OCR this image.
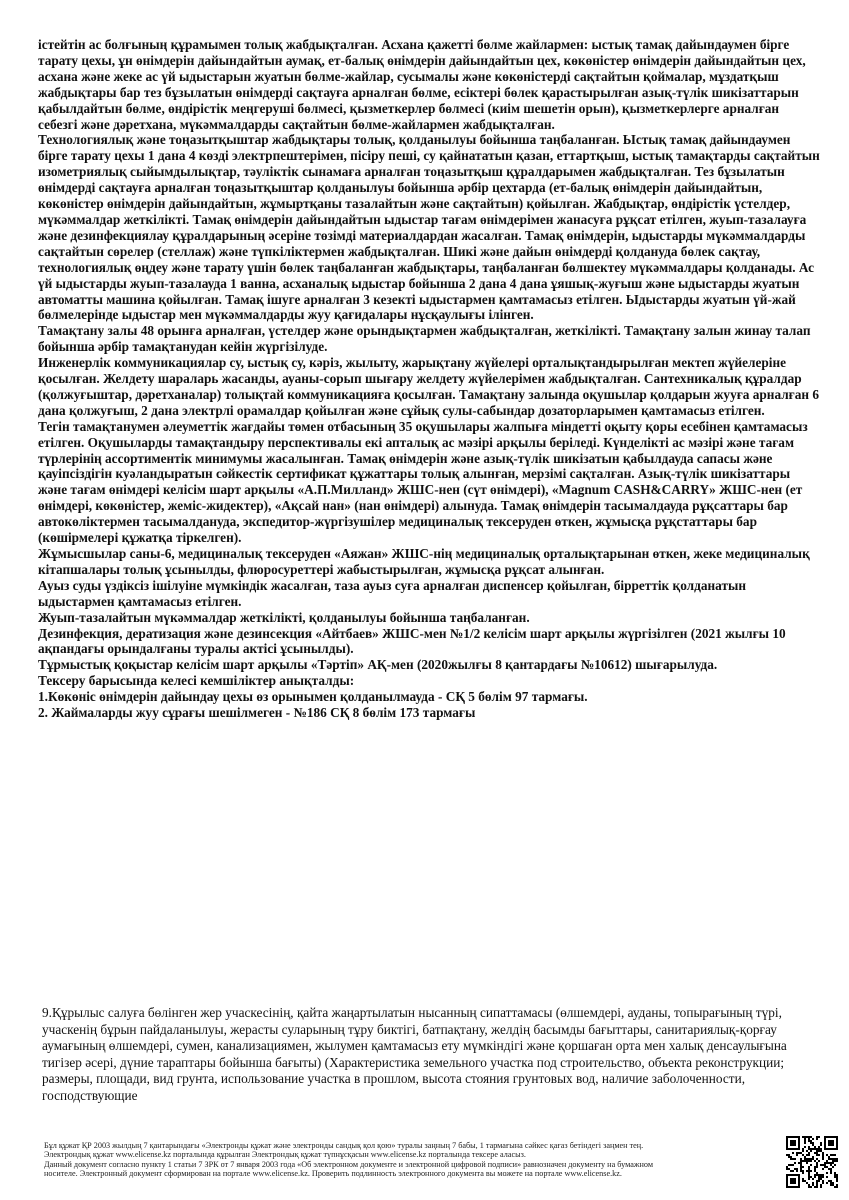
істейтін ас болғының құрамымен толық жабдықталған. Асхана қажетті бөлме жайлармен: ыстық тамақ дайындаумен бірге тарату цехы, ұн өнімдерін дайындайтын аумақ, ет-балық өнімдерін дайындайтын цех, көкөністер өнімдерін дайындайтын цех, асхана және жеке ас үй ыдыстарын жуатын бөлме-жайлар, сусымалы және көкөністерді сақтайтын қоймалар, мұздатқыш жабдықтары бар тез бұзылатын өнімдерді сақтауға арналған бөлме, есіктері бөлек қарастырылған азық-түлік шикізаттарын қабылдайтын бөлме, өндірістік меңгеруші бөлмесі, қызметкерлер бөлмесі (киім шешетін орын), қызметкерлерге арналған себезгі және дәретхана, мүкәммалдарды сақтайтын бөлме-жайлармен жабдықталған.

Технологиялық және тоңазытқыштар жабдықтары толық, қолданылуы бойынша таңбаланған. Ыстық тамақ дайындаумен бірге тарату цехы 1 дана 4 көзді электрпештерімен, пісіру пеші, су қайнататын қазан, еттартқыш, ыстық тамақтарды сақтайтын изометриялық сыйымдылықтар, тәуліктік сынамаға арналған тоңазытқыш құралдарымен жабдықталған. Тез бұзылатын өнімдерді сақтауға арналған тоңазытқыштар қолданылуы бойынша әрбір цехтарда (ет-балық өнімдерін дайындайтын, көкөністер өнімдерін дайындайтын, жұмыртқаны тазалайтын және сақтайтын) қойылған. Жабдықтар, өндірістік үстелдер, мүкәммалдар жеткілікті. Тамақ өнімдерін дайындайтын ыдыстар тағам өнімдерімен жанасуға рұқсат етілген, жуып-тазалауға және дезинфекциялау құралдарының әсеріне төзімді материалдардан жасалған. Тамақ өнімдерін, ыдыстарды мүкәммалдарды сақтайтын сөрелер (стеллаж) және түпкіліктермен жабдықталған. Шикі және дайын өнімдерді қолдануда бөлек сақтау, технологиялық өңдеу және тарату үшін бөлек таңбаланған жабдықтары, таңбаланған бөлшектеу мүкәммалдары қолданады. Ас үй ыдыстарды жуып-тазалауда 1 ванна, асханалық ыдыстар бойынша 2 дана 4 дана ұяшық-жуғыш және ыдыстарды жуатын автоматты машина қойылған. Тамақ ішуге арналған 3 кезекті ыдыстармен қамтамасыз етілген. Ыдыстарды жуатын үй-жай бөлмелерінде ыдыстар мен мүкәммалдарды жуу қағидалары нұсқаулығы ілінген.

Тамақтану залы 48 орынға арналған, үстелдер және орындықтармен жабдықталған, жеткілікті. Тамақтану залын жинау талап бойынша әрбір тамақтанудан кейін жүргізілуде.

Инженерлік коммуникациялар су, ыстық су, кәріз, жылыту, жарықтану жүйелері орталықтандырылған мектеп жүйелеріне қосылған. Желдету шараларь жасанды, ауаны-сорып шығару желдету жүйелерімен жабдықталған. Сантехникалық құралдар (қолжуғыштар, дәретханалар) толықтай коммуникацияға қосылған. Тамақтану залында оқушылар қолдарын жууға арналған 6 дана қолжуғыш, 2 дана электрлі орамалдар қойылған және сұйық сулы-сабындар дозаторларымен қамтамасыз етілген.

Тегін тамақтанумен әлеуметтік жағдайы төмен отбасының 35 оқушылары жалпыға міндетті оқыту қоры есебінен қамтамасыз етілген. Оқушыларды тамақтандыру перспективалы екі апталық ас мәзірі арқылы беріледі. Күнделікті ас мәзірі және тағам түрлерінің ассортиментік минимумы жасалынған. Тамақ өнімдерін және азық-түлік шикізатын қабылдауда сапасы және қауіпсіздігін куәландыратын сәйкестік сертификат құжаттары толық алынған, мерзімі сақталған. Азық-түлік шикізаттары және тағам өнімдері келісім шарт арқылы «А.П.Милланд» ЖШС-нен (сүт өнімдері), «Magnum CASH&CARRY» ЖШС-нен (ет өнімдері, көкөністер, жеміс-жидектер), «Ақсай нан» (нан өнімдері) алынуда. Тамақ өнімдерін тасымалдауда рұқсаттары бар автокөліктермен тасымалдануда, экспедитор-жүргізушілер медициналық тексеруден өткен, жұмысқа рұқстаттары бар (көшірмелері құжатқа тіркелген).

Жұмысшылар саны-6, медициналық тексеруден «Аяжан» ЖШС-нің медициналық орталықтарынан өткен, жеке медициналық кітапшалары толық ұсынылды, флюросуреттері жабыстырылған, жұмысқа рұқсат алынған.

Ауыз суды үздіксіз ішілуіне мүмкіндік жасалған, таза ауыз суға арналған диспенсер қойылған, бірреттік қолданатын ыдыстармен қамтамасыз етілген.

Жуып-тазалайтын мүкәммалдар жеткілікті, қолданылуы бойынша таңбаланған.

Дезинфекция, дератизация және дезинсекция «Айтбаев» ЖШС-мен №1/2 келісім шарт арқылы жүргізілген (2021 жылғы 10 ақпандағы орындалғаны туралы актісі ұсынылды).

Тұрмыстық қоқыстар келісім шарт арқылы «Тәртіп» АҚ-мен (2020жылғы 8 қантардағы №10612) шығарылуда.

Тексеру барысында келесі кемшіліктер анықталды:

1.Көкөніс өнімдерін дайындау цехы өз орынымен қолданылмауда - СҚ 5 бөлім 97 тармағы.

2. Жаймаларды жуу сұрағы шешілмеген - №186 СҚ 8 бөлім 173 тармағы

9.Құрылыс салуға бөлінген жер учаскесінің, қайта жаңартылатын нысанның сипаттамасы (өлшемдері, ауданы, топырағының түрі, учаскенің бұрын пайдаланылуы, жерасты суларының тұру биктігі, батпақтану, желдің басымды бағыттары, санитариялық-қорғау аумағының өлшемдері, сумен, канализациямен, жылумен қамтамасыз ету мүмкіндігі және қоршаған орта мен халық денсаулығына тигізер әсері, дүние тараптары бойынша бағыты) (Характеристика земельного участка под строительство, объекта реконструкции; размеры, площади, вид грунта, использование участка в прошлом, высота стояния грунтовых вод, наличие заболоченности, господствующие

Бұл құжат ҚР 2003 жылдың 7 қантарындағы «Электронды құжат және электронды сандық қол қою» туралы заңның 7 бабы, 1 тармағына сәйкес қағаз бетіндегі заңмен тең.

Электрондық құжат www.elicense.kz порталында құрылған Электрондық құжат түпнұсқасын www.elicense.kz порталында тексере аласыз.

Данный документ согласно пункту 1 статьи 7 ЗРК от 7 января 2003 года «Об электронном документе и электронной цифровой подписи» равнозначен документу на бумажном

носителе. Электронный документ сформирован на портале www.elicense.kz. Проверить подлинность электронного документа вы можете на портале www.elicense.kz.
